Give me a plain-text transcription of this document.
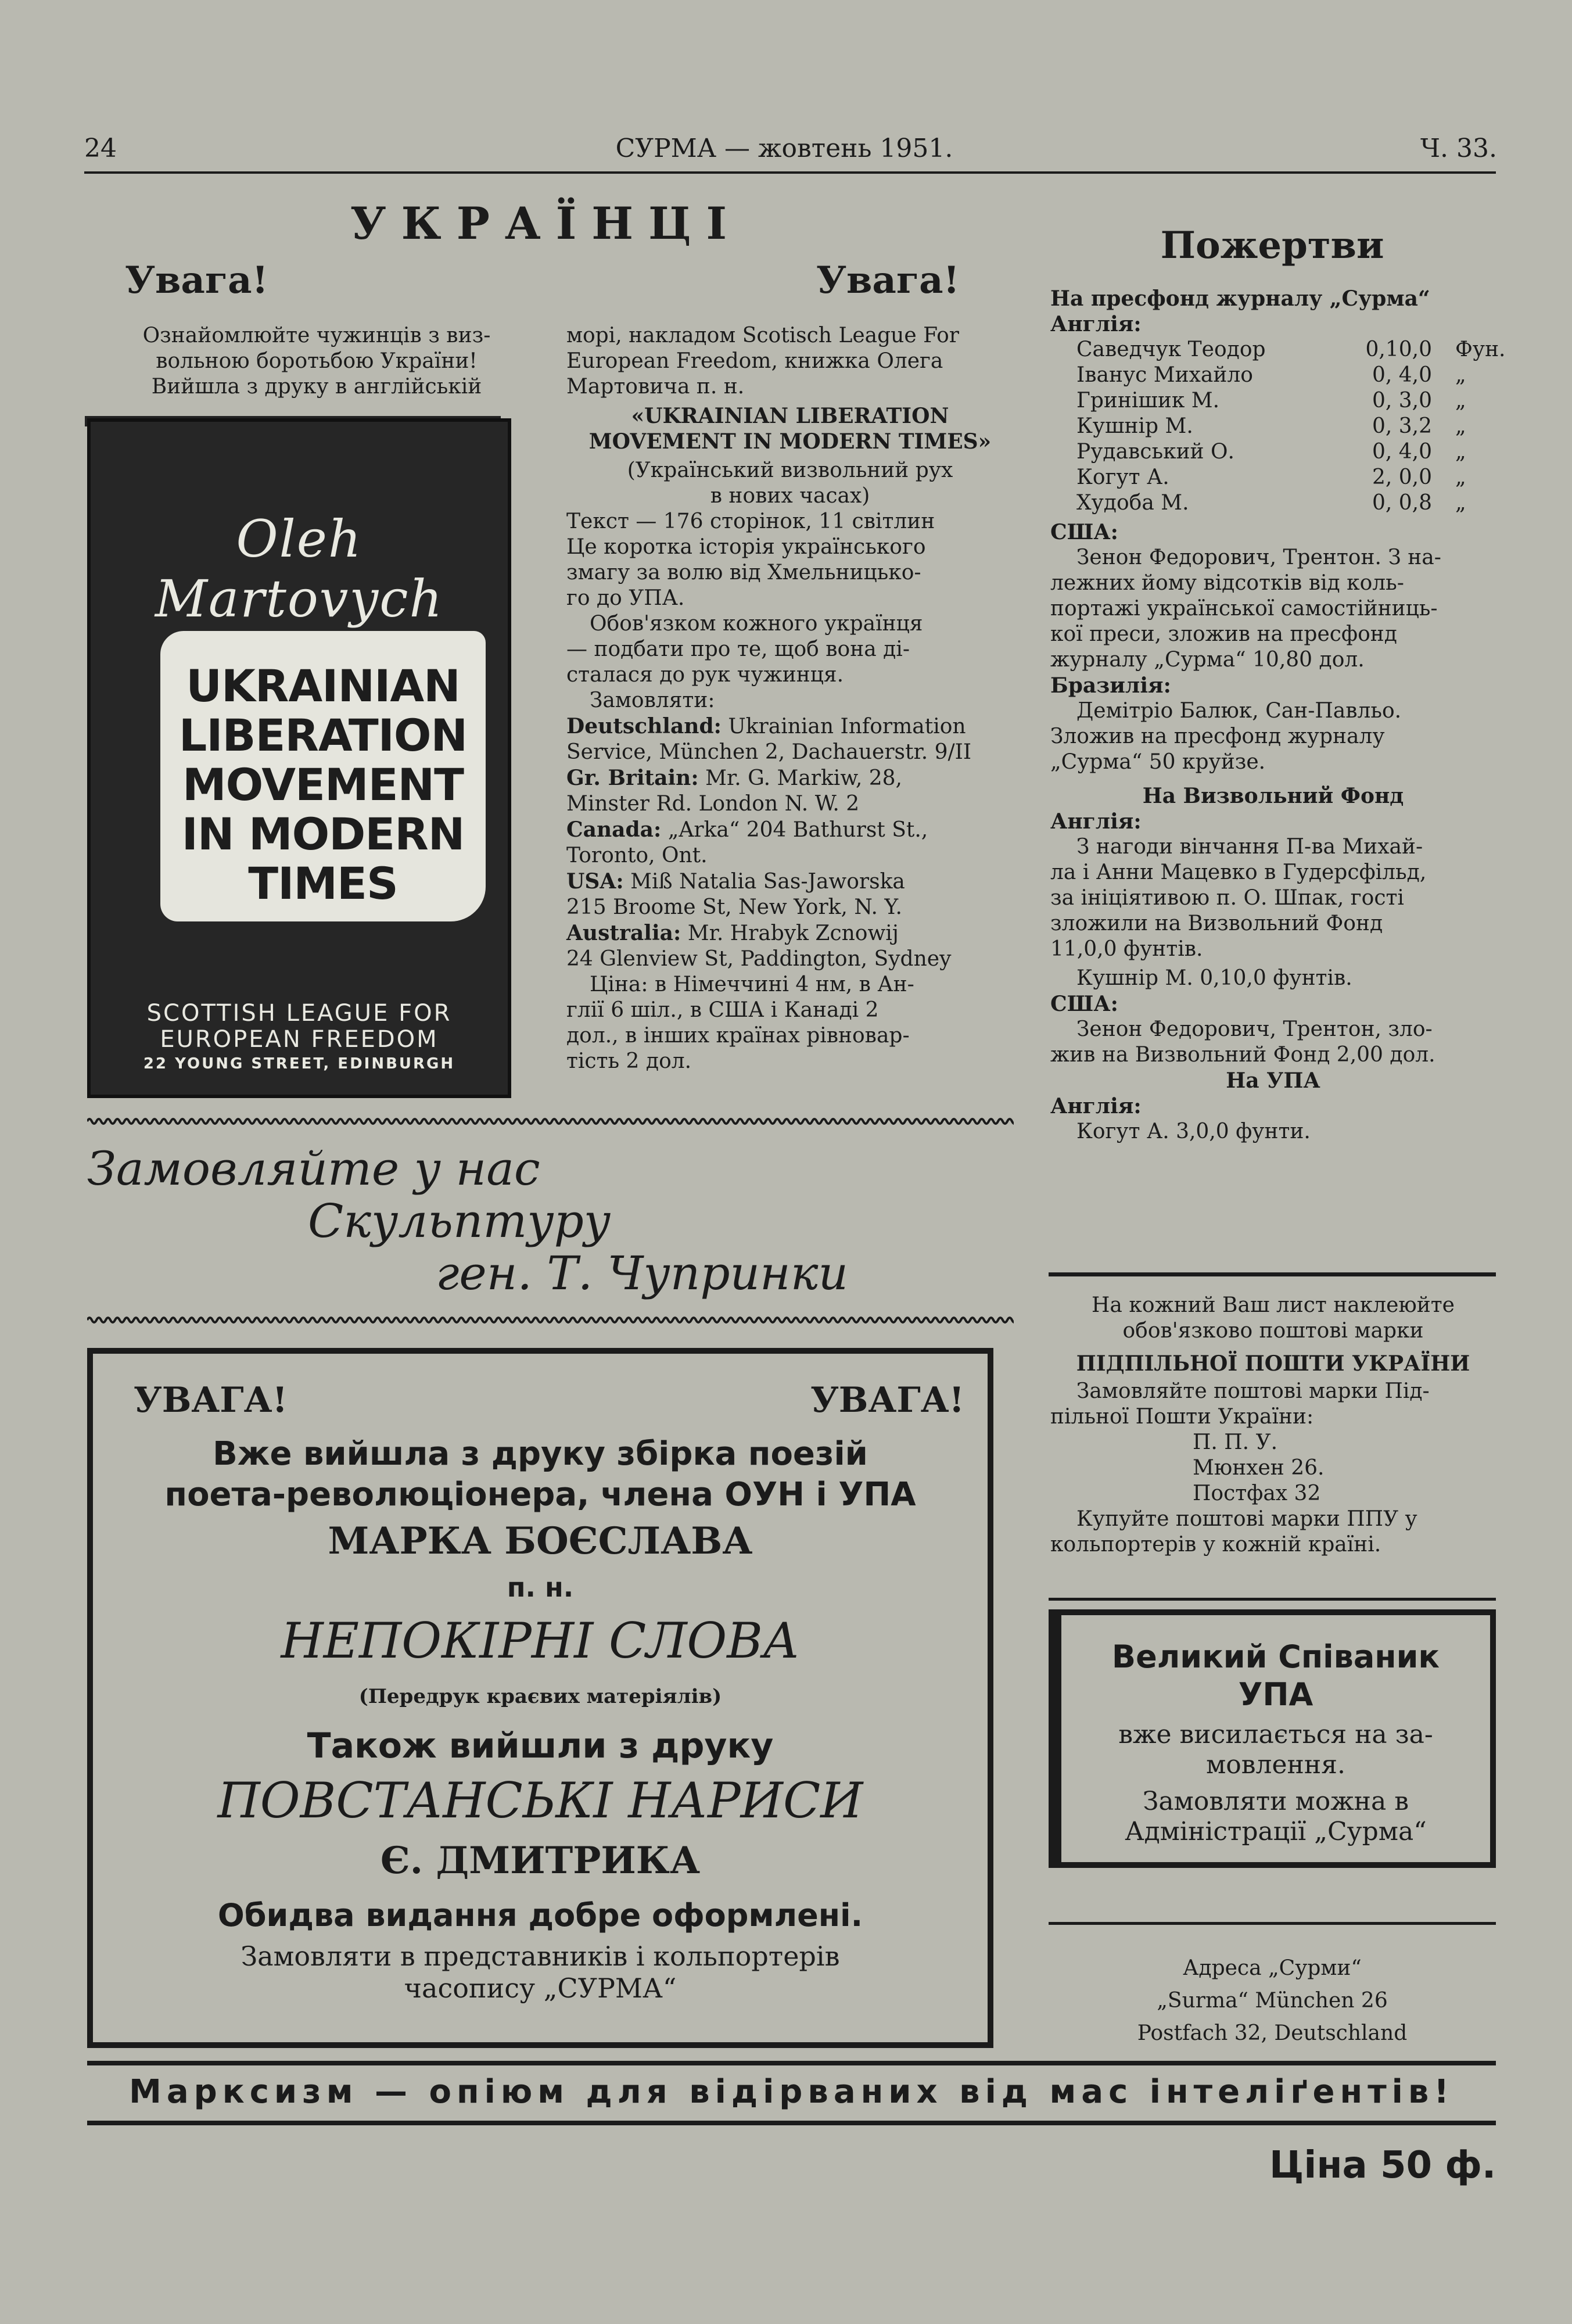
24	СУРМА — жовтень 1951.	Ч. 33.
УКРАЇНЦІ
Увага!	Увага!
Ознайомлюйте чужинців з виз-
вольною боротьбою України!
Вийшла з друку в англійській
Oleh Martovych
UKRAINIAN
LIBERATION
MOVEMENT
IN MODERN
TIMES
SCOTTISH LEAGUE FOR
EUROPEAN FREEDOM
22 YOUNG STREET, EDINBURGH
морі, накладом Scotisch League For
European Freedom, книжка Олега
Мартовича п. н.
«UKRAINIAN LIBERATION
MOVEMENT IN MODERN TIMES»
(Український визвольний рух
в нових часах)
Текст — 176 сторінок, 11 світлин
Це коротка історія українського
змагу за волю від Хмельницько-
го до УПА.
Обов'язком кожного українця
— подбати про те, щоб вона ді-
сталася до рук чужинця.
Замовляти:
Deutschland: Ukrainian Information
Service, München 2, Dachauerstr. 9/II
Gr. Britain: Mr. G. Markiw, 28,
Minster Rd. London N. W. 2
Canada: „Arka“ 204 Bathurst St.,
Toronto, Ont.
USA: Miß Natalia Sas-Jaworska
215 Broome St, New York, N. Y.
Australia: Mr. Hrabyk Zcnowij
24 Glenview St, Paddington, Sydney
Ціна: в Німеччині 4 нм, в Ан-
глії 6 шіл., в США і Канаді 2
дол., в інших країнах рівновар-
тість 2 дол.
Замовляйте у нас
Скульптуру
ген. Т. Чупринки
УВАГА!	УВАГА!
Вже вийшла з друку збірка поезій
поета-революціонера, члена ОУН і УПА
МАРКА БОЄСЛАВА
п. н.
НЕПОКІРНІ СЛОВА
(Передрук краєвих матеріялів)
Також вийшли з друку
ПОВСТАНСЬКІ НАРИСИ
Є. ДМИТРИКА
Обидва видання добре оформлені.
Замовляти в представників і кольпортерів
часопису „СУРМА“
Пожертви
На пресфонд журналу „Сурма“
Англія:
Саведчук Теодор	0,10,0 Фун.
Іванус Михайло	0, 4,0 „
Гринішик М.	0, 3,0 „
Кушнір М.	0, 3,2 „
Рудавський О.	0, 4,0 „
Когут А.	2, 0,0 „
Худоба М.	0, 0,8 „
США:
Зенон Федорович, Трентон. З на-
лежних йому відсотків від коль-
портажі української самостійниць-
кої преси, зложив на пресфонд
журналу „Сурма“ 10,80 дол.
Бразилія:
Демітріо Балюк, Сан-Павльо.
Зложив на пресфонд журналу
„Сурма“ 50 круйзе.
На Визвольний Фонд
Англія:
З нагоди вінчання П-ва Михай-
ла і Анни Мацевко в Гудерсфільд,
за ініціятивою п. О. Шпак, гості
зложили на Визвольний Фонд
11,0,0 фунтів.
Кушнір М. 0,10,0 фунтів.
США:
Зенон Федорович, Трентон, зло-
жив на Визвольний Фонд 2,00 дол.
На УПА
Англія:
Когут А. 3,0,0 фунти.
На кожний Ваш лист наклеюйте
обов'язково поштові марки
ПІДПІЛЬНОЇ ПОШТИ УКРАЇНИ
Замовляйте поштові марки Під-
пільної Пошти України:
П. П. У.
Мюнхен 26.
Постфах 32
Купуйте поштові марки ППУ у
кольпортерів у кожній країні.
Великий Співаник
УПА
вже висилається на за-
мовлення.
Замовляти можна в
Адміністрації „Сурма“
Адреса „Сурми“
„Surma“ München 26
Postfach 32, Deutschland
Марксизм — опіюм для відірваних від мас інтеліґентів!
Ціна 50 ф.
